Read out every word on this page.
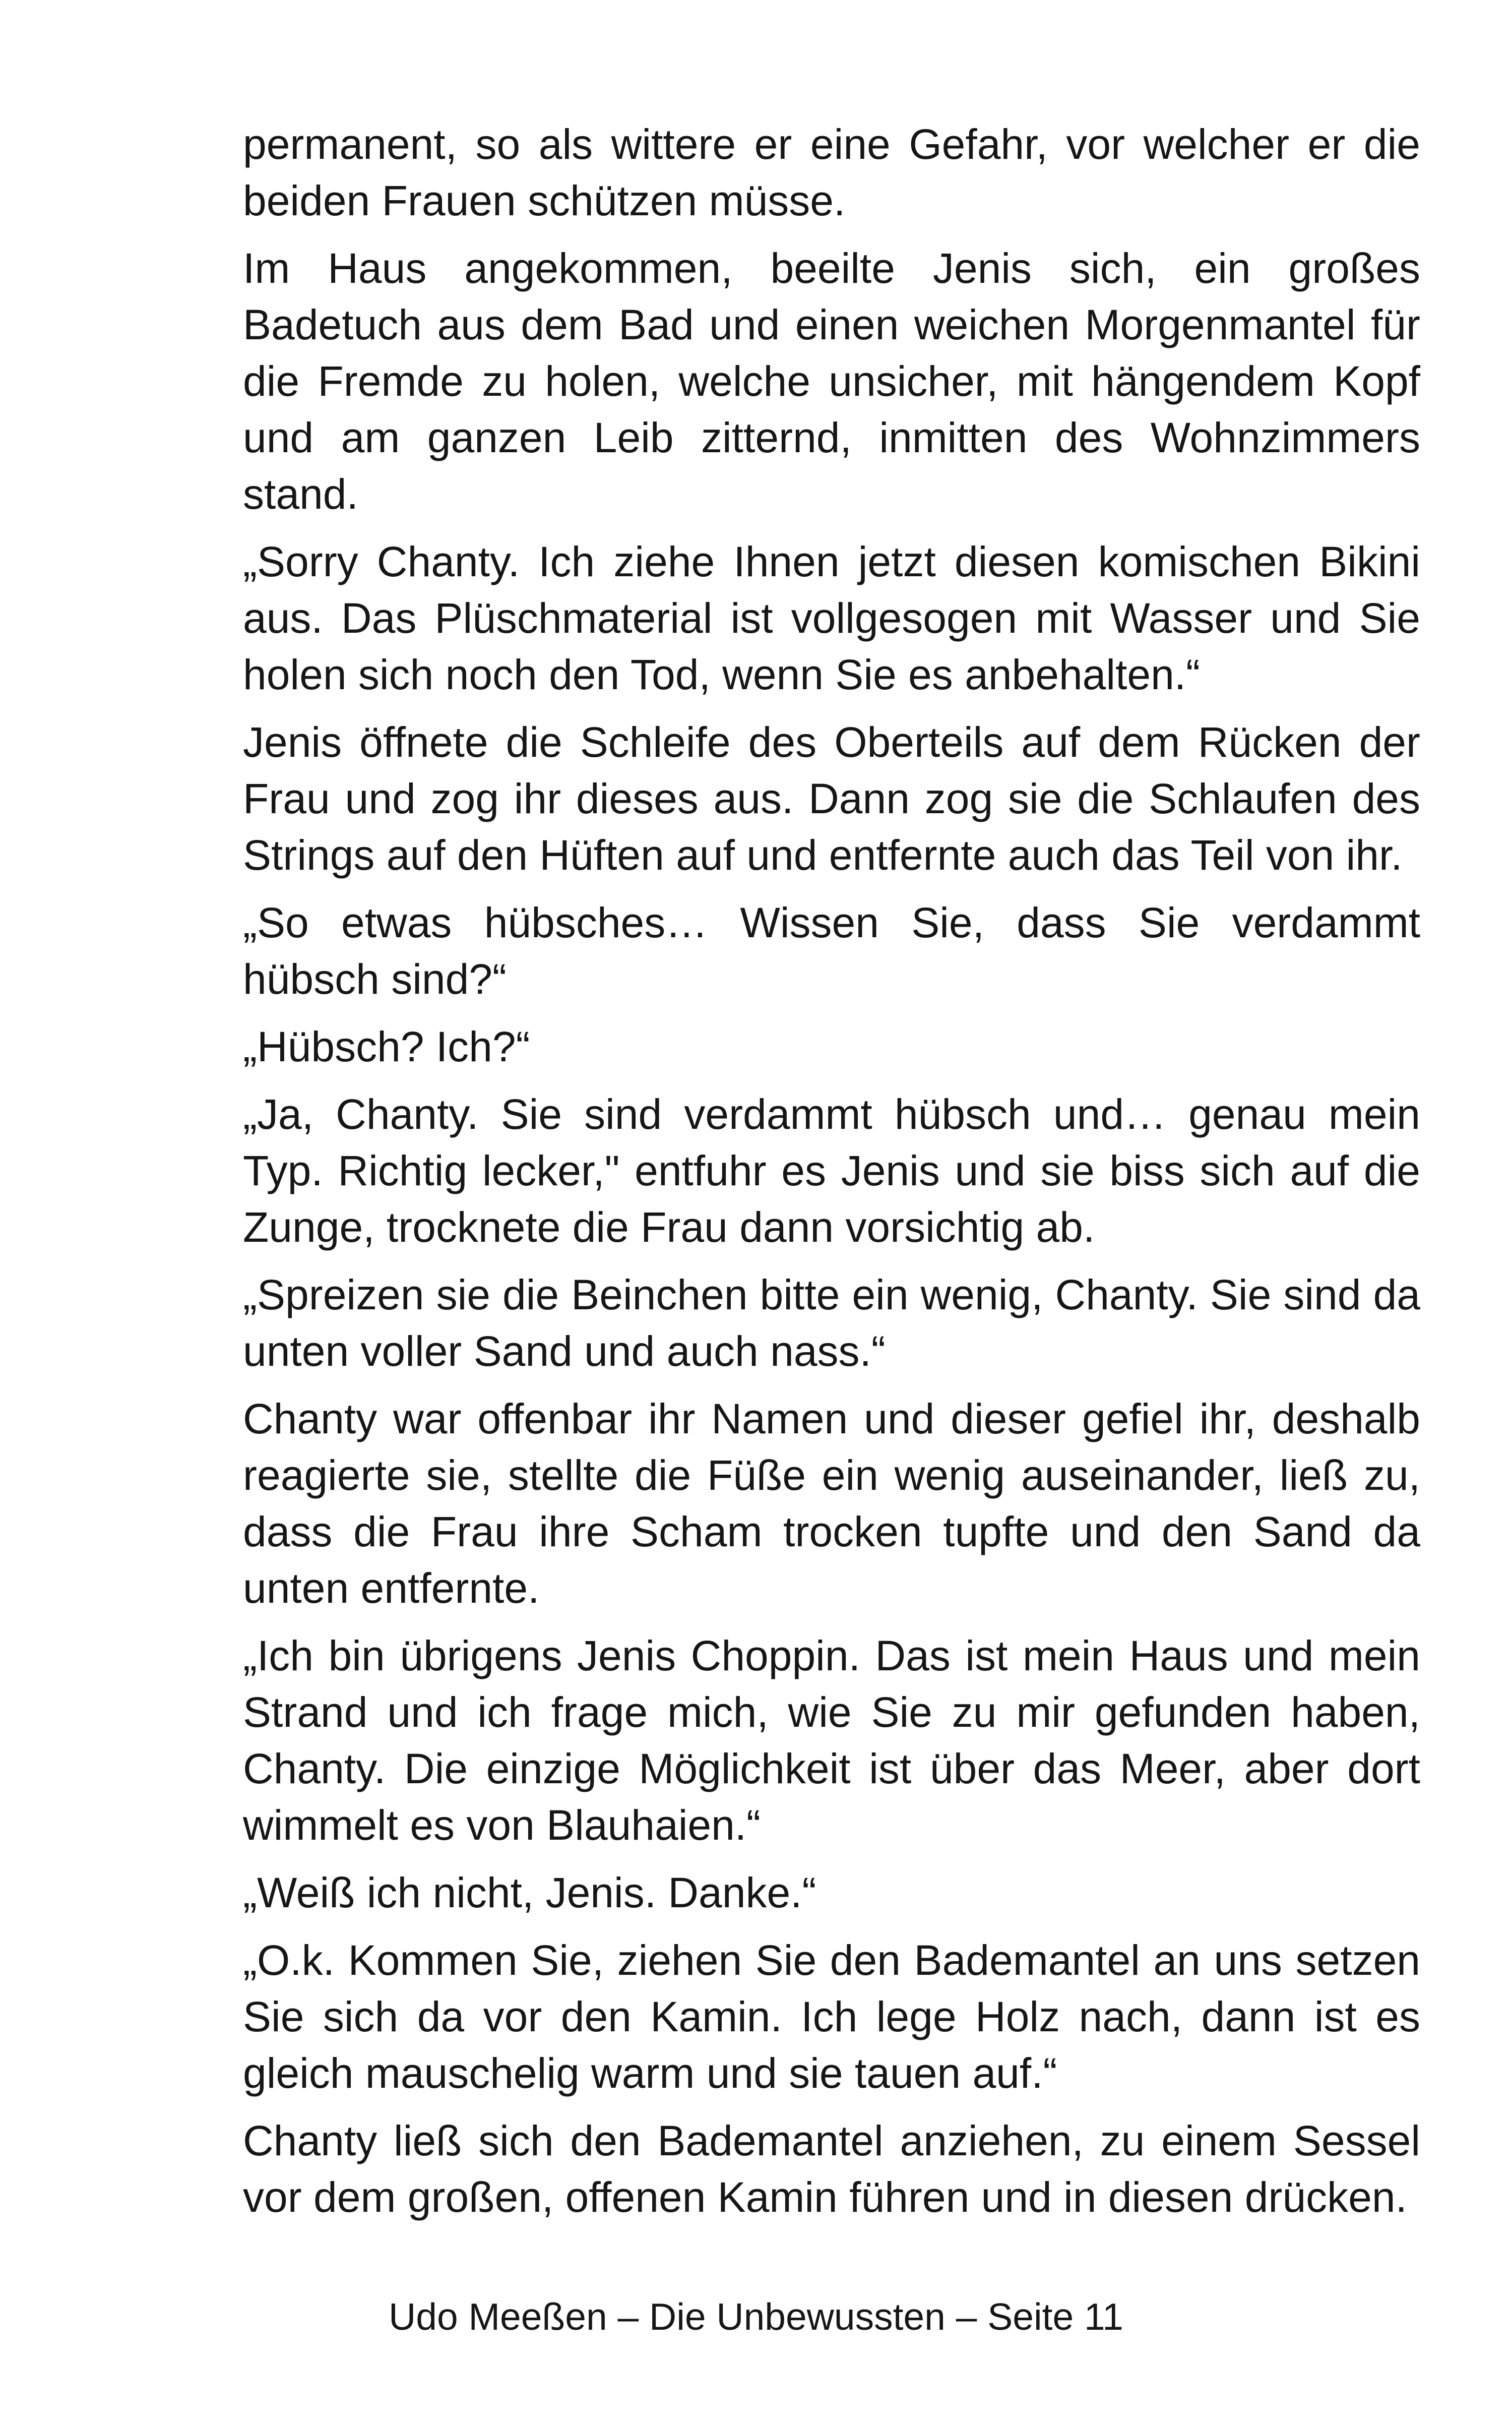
permanent, so als wittere er eine Gefahr, vor welcher er die beiden Frauen schützen müsse.

Im Haus angekommen, beeilte Jenis sich, ein großes Badetuch aus dem Bad und einen weichen Morgenmantel für die Fremde zu holen, welche unsicher, mit hängendem Kopf und am ganzen Leib zitternd, inmitten des Wohnzimmers stand.

„Sorry Chanty. Ich ziehe Ihnen jetzt diesen komischen Bikini aus. Das Plüschmaterial ist vollgesogen mit Wasser und Sie holen sich noch den Tod, wenn Sie es anbehalten.“

Jenis öffnete die Schleife des Oberteils auf dem Rücken der Frau und zog ihr dieses aus. Dann zog sie die Schlaufen des Strings auf den Hüften auf und entfernte auch das Teil von ihr.

„So etwas hübsches… Wissen Sie, dass Sie verdammt hübsch sind?“

„Hübsch? Ich?“

„Ja, Chanty. Sie sind verdammt hübsch und… genau mein Typ. Richtig lecker," entfuhr es Jenis und sie biss sich auf die Zunge, trocknete die Frau dann vorsichtig ab.

„Spreizen sie die Beinchen bitte ein wenig, Chanty. Sie sind da unten voller Sand und auch nass.“

Chanty war offenbar ihr Namen und dieser gefiel ihr, deshalb reagierte sie, stellte die Füße ein wenig auseinander, ließ zu, dass die Frau ihre Scham trocken tupfte und den Sand da unten entfernte.

„Ich bin übrigens Jenis Choppin. Das ist mein Haus und mein Strand und ich frage mich, wie Sie zu mir gefunden haben, Chanty. Die einzige Möglichkeit ist über das Meer, aber dort wimmelt es von Blauhaien.“

„Weiß ich nicht, Jenis. Danke.“

„O.k. Kommen Sie, ziehen Sie den Bademantel an uns setzen Sie sich da vor den Kamin. Ich lege Holz nach, dann ist es gleich mauschelig warm und sie tauen auf.“

Chanty ließ sich den Bademantel anziehen, zu einem Sessel vor dem großen, offenen Kamin führen und in diesen drücken.

Udo Meeßen – Die Unbewussten – Seite 11
